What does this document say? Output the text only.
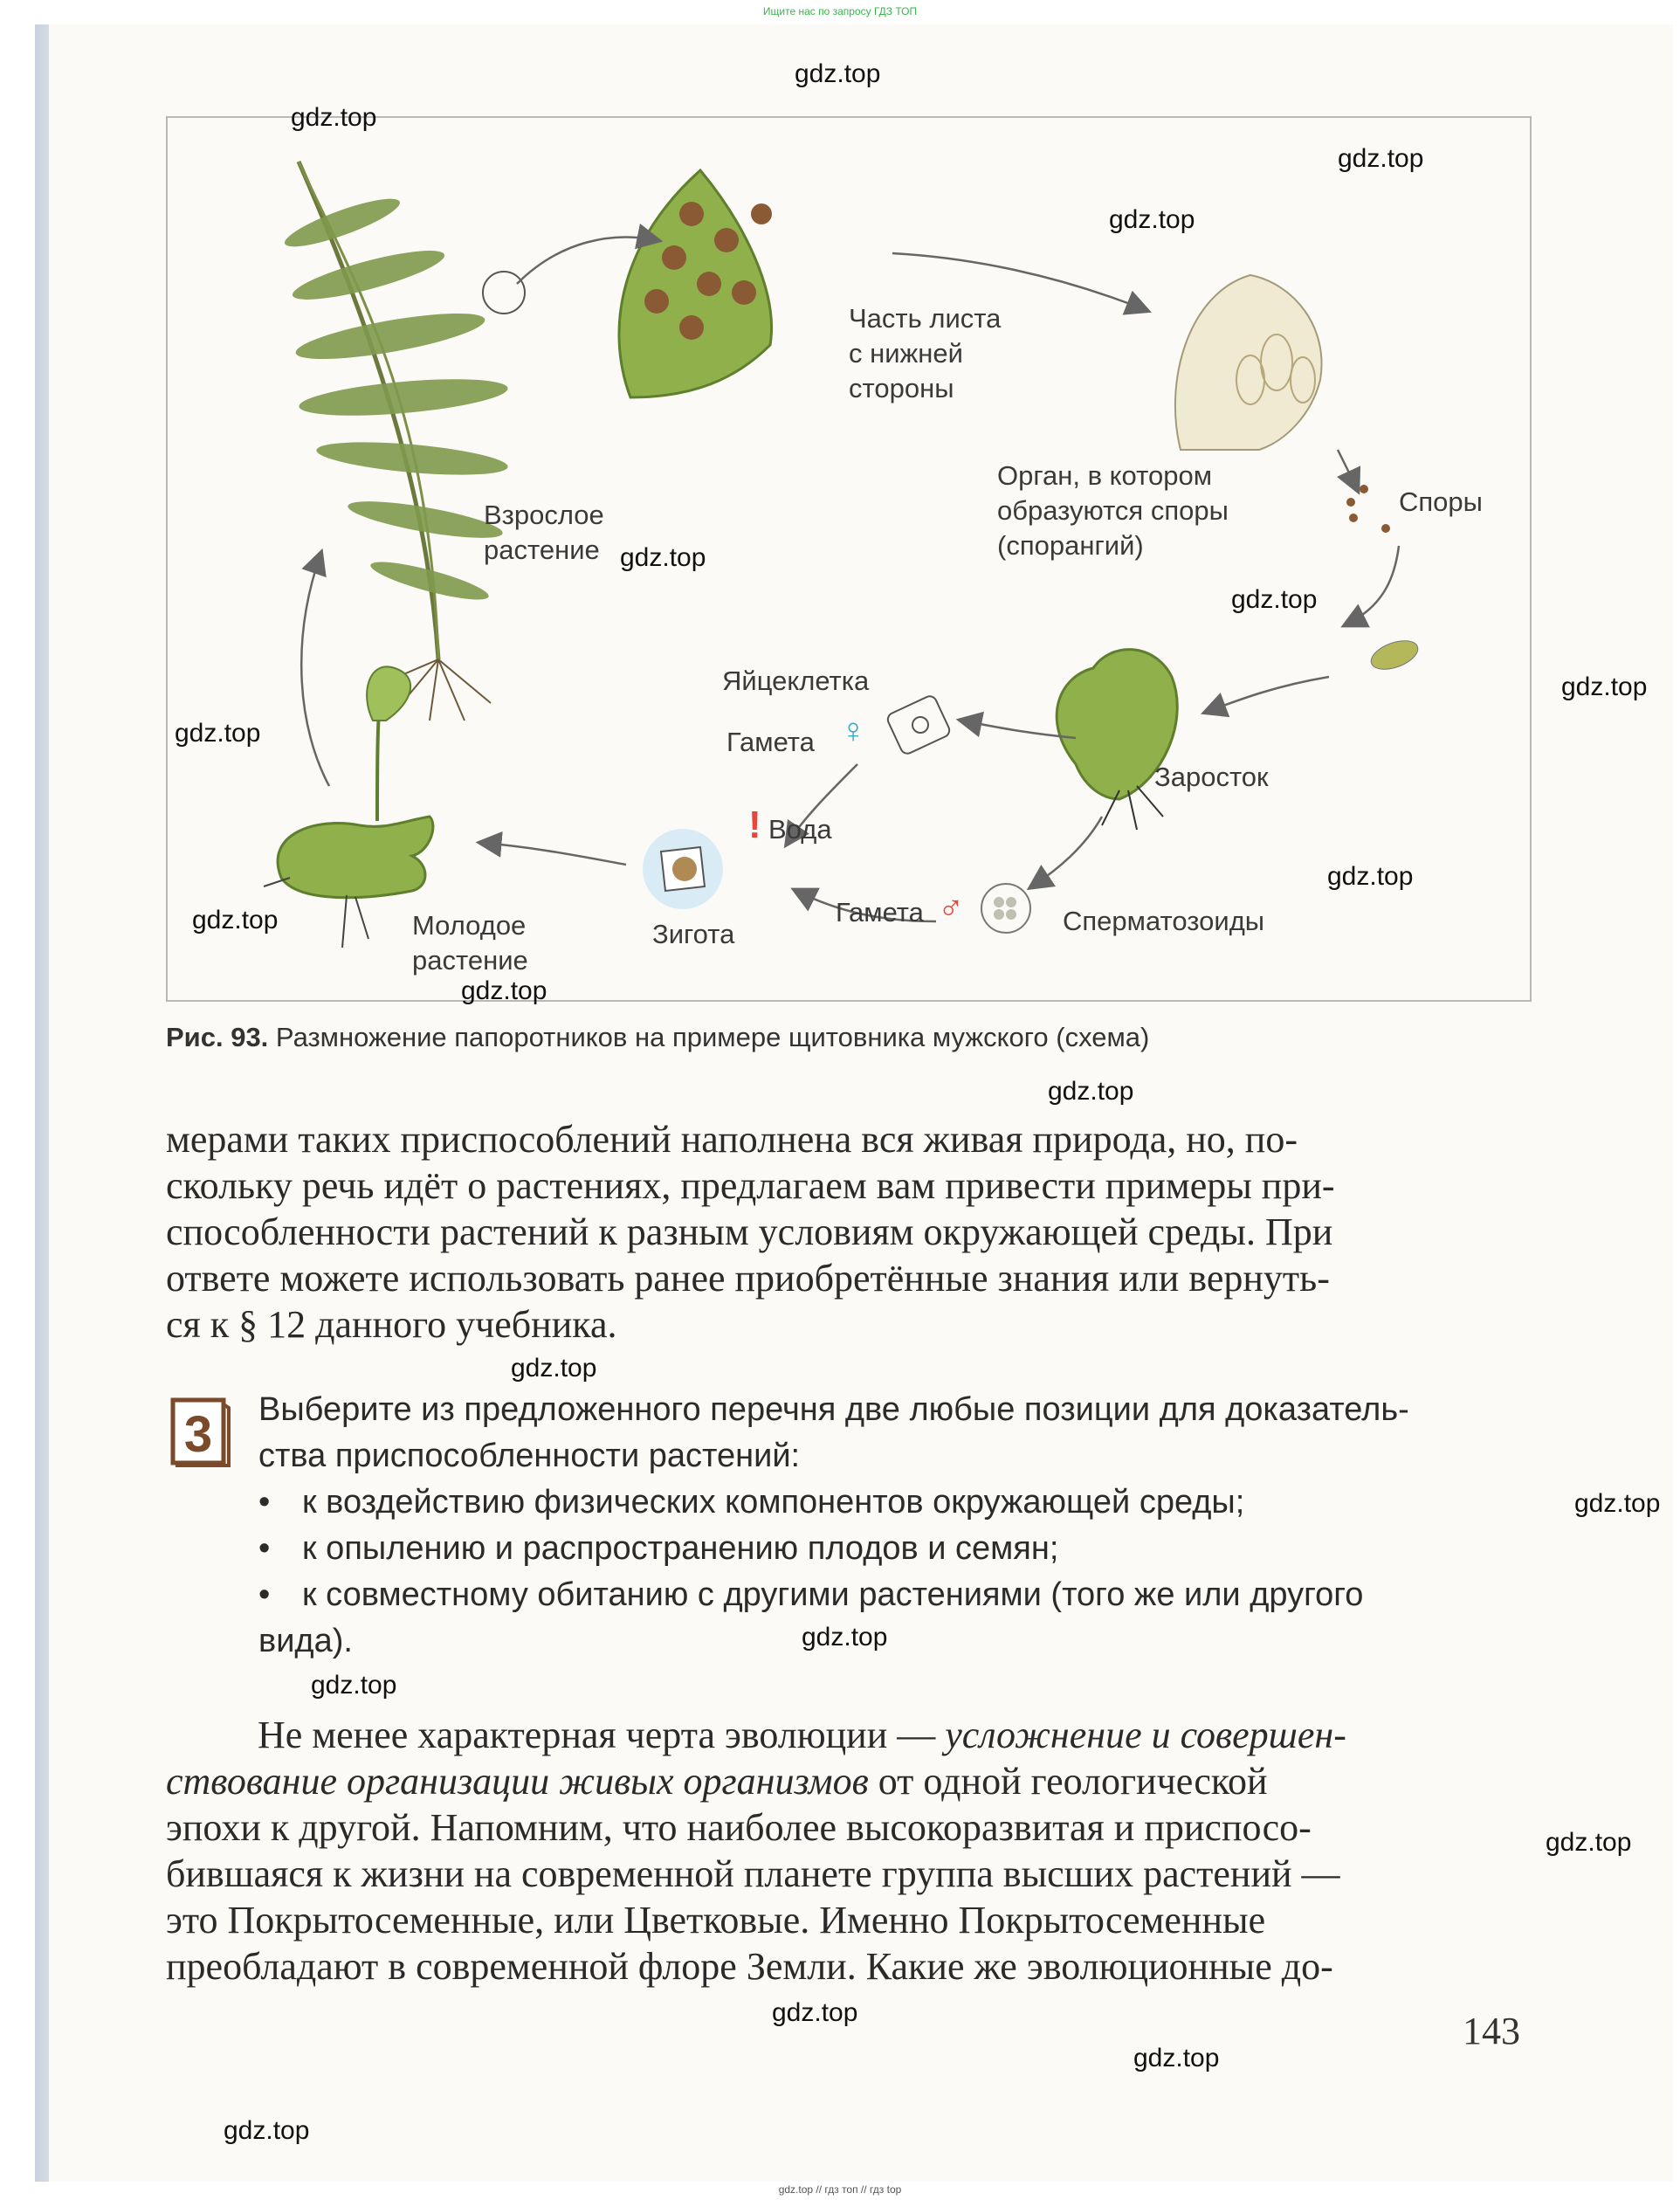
Ищите нас по запросу ГДЗ ТОП
gdz.top // гдз топ // гдз top
Часть листа
с нижней
стороны
Орган, в котором
образуются споры
(спорангий)
Споры
Взрослое
растение
Яйцеклетка
Гамета ♀
Заросток
! Вода
Гамета ♂	Сперматозоиды
Зигота
Молодое
растение
Рис. 93. Размножение папоротников на примере щитовника мужского (схема)
мерами таких приспособлений наполнена вся живая природа, но, по-
скольку речь идёт о растениях, предлагаем вам привести примеры при-
способленности растений к разным условиям окружающей среды. При
ответе можете использовать ранее приобретённые знания или вернуть-
ся к § 12 данного учебника.
3 Выберите из предложенного перечня две любые позиции для доказатель-
ства приспособленности растений:
• к воздействию физических компонентов окружающей среды;
• к опылению и распространению плодов и семян;
• к совместному обитанию с другими растениями (того же или другого
вида).
Не менее характерная черта эволюции — усложнение и совершен-
ствование организации живых организмов от одной геологической
эпохи к другой. Напомним, что наиболее высокоразвитая и приспосо-
бившаяся к жизни на современной планете группа высших растений —
это Покрытосеменные, или Цветковые. Именно Покрытосеменные
преобладают в современной флоре Земли. Какие же эволюционные до-
143
gdz.top
gdz.top
gdz.top
gdz.top
gdz.top
gdz.top
gdz.top
gdz.top
gdz.top
gdz.top
gdz.top
gdz.top
gdz.top
gdz.top
gdz.top
gdz.top
gdz.top
gdz.top
gdz.top
gdz.top
